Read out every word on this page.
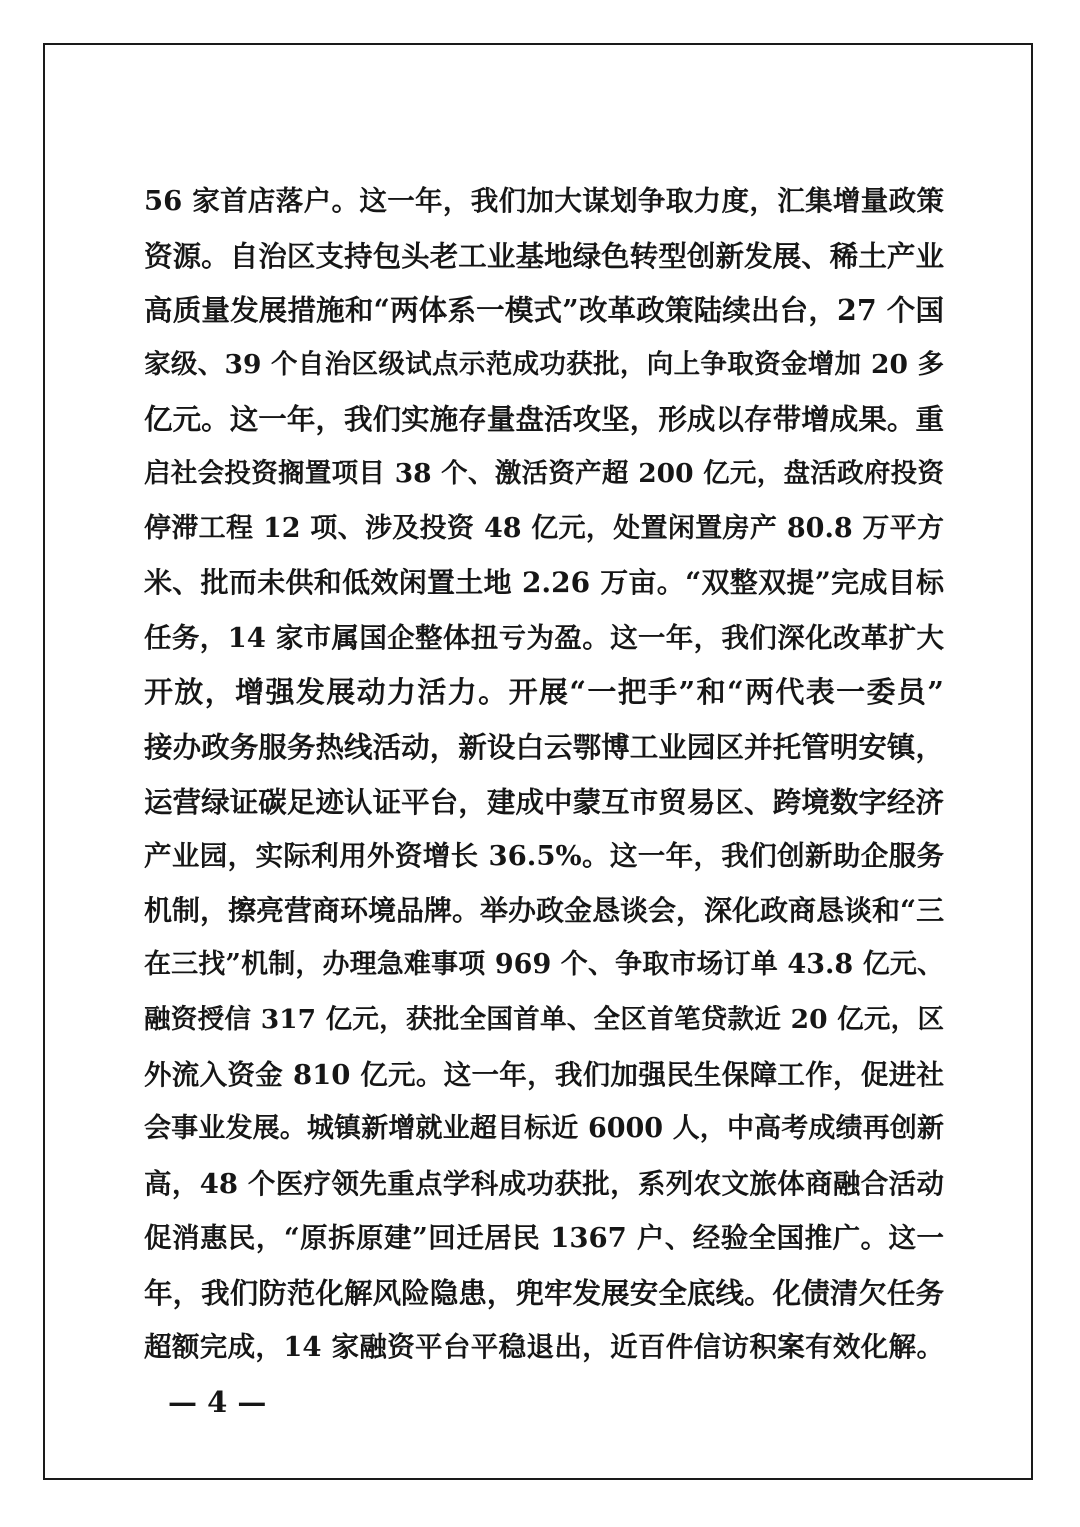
56 家首店落户。这一年，我们加大谋划争取力度，汇集增量政策
资源。自治区支持包头老工业基地绿色转型创新发展、稀土产业
高质量发展措施和“两体系一模式”改革政策陆续出台，27 个国
家级、39 个自治区级试点示范成功获批，向上争取资金增加 20 多
亿元。这一年，我们实施存量盘活攻坚，形成以存带增成果。重
启社会投资搁置项目 38 个、激活资产超 200 亿元，盘活政府投资
停滞工程 12 项、涉及投资 48 亿元，处置闲置房产 80.8 万平方
米、批而未供和低效闲置土地 2.26 万亩。“双整双提”完成目标
任务，14 家市属国企整体扭亏为盈。这一年，我们深化改革扩大
开放，增强发展动力活力。开展“一把手”和“两代表一委员”
接办政务服务热线活动，新设白云鄂博工业园区并托管明安镇，
运营绿证碳足迹认证平台，建成中蒙互市贸易区、跨境数字经济
产业园，实际利用外资增长 36.5%。这一年，我们创新助企服务
机制，擦亮营商环境品牌。举办政金恳谈会，深化政商恳谈和“三
在三找”机制，办理急难事项 969 个、争取市场订单 43.8 亿元、
融资授信 317 亿元，获批全国首单、全区首笔贷款近 20 亿元，区
外流入资金 810 亿元。这一年，我们加强民生保障工作，促进社
会事业发展。城镇新增就业超目标近 6000 人，中高考成绩再创新
高，48 个医疗领先重点学科成功获批，系列农文旅体商融合活动
促消惠民，“原拆原建”回迁居民 1367 户、经验全国推广。这一
年，我们防范化解风险隐患，兜牢发展安全底线。化债清欠任务
超额完成，14 家融资平台平稳退出，近百件信访积案有效化解。
— 4 —
